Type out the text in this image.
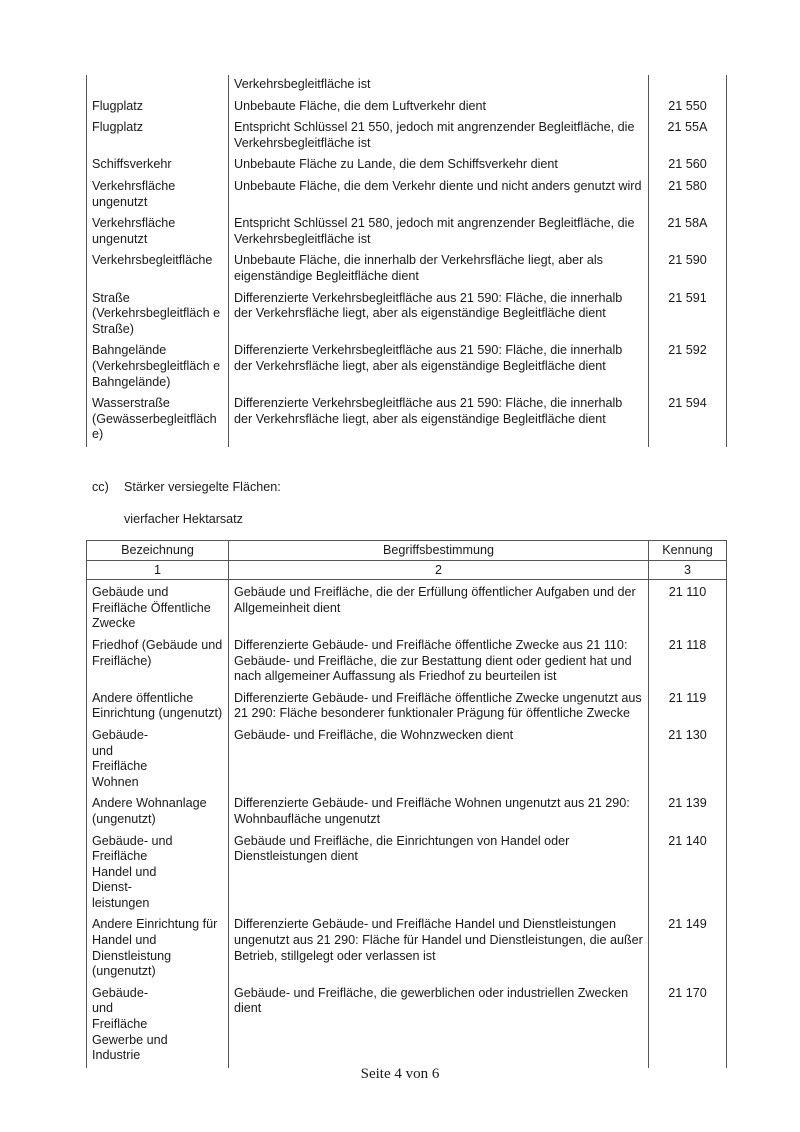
	Verkehrsbegleitfläche ist	
Flugplatz	Unbebaute Fläche, die dem Luftverkehr dient	21 550
Flugplatz	Entspricht Schlüssel 21 550, jedoch mit angrenzender Begleitfläche, die Verkehrsbegleitfläche ist	21 55A
Schiffsverkehr	Unbebaute Fläche zu Lande, die dem Schiffsverkehr dient	21 560
Verkehrsfläche ungenutzt	Unbebaute Fläche, die dem Verkehr diente und nicht anders genutzt wird	21 580
Verkehrsfläche ungenutzt	Entspricht Schlüssel 21 580, jedoch mit angrenzender Begleitfläche, die Verkehrsbegleitfläche ist	21 58A
Verkehrsbegleitfläche	Unbebaute Fläche, die innerhalb der Verkehrsfläche liegt, aber als eigenständige Begleitfläche dient	21 590
Straße (Verkehrsbegleitfläch e Straße)	Differenzierte Verkehrsbegleitfläche aus 21 590: Fläche, die innerhalb der Verkehrsfläche liegt, aber als eigenständige Begleitfläche dient	21 591
Bahngelände (Verkehrsbegleitfläch e Bahngelände)	Differenzierte Verkehrsbegleitfläche aus 21 590: Fläche, die innerhalb der Verkehrsfläche liegt, aber als eigenständige Begleitfläche dient	21 592
Wasserstraße (Gewässerbegleitfläch e)	Differenzierte Verkehrsbegleitfläche aus 21 590: Fläche, die innerhalb der Verkehrsfläche liegt, aber als eigenständige Begleitfläche dient	21 594
cc) Stärker versiegelte Flächen:
vierfacher Hektarsatz
Bezeichnung	Begriffsbestimmung	Kennung
1	2	3
Gebäude und Freifläche Öffentliche Zwecke	Gebäude und Freifläche, die der Erfüllung öffentlicher Aufgaben und der Allgemeinheit dient	21 110
Friedhof (Gebäude und Freifläche)	Differenzierte Gebäude- und Freifläche öffentliche Zwecke aus 21 110: Gebäude- und Freifläche, die zur Bestattung dient oder gedient hat und nach allgemeiner Auffassung als Friedhof zu beurteilen ist	21 118
Andere öffentliche Einrichtung (ungenutzt)	Differenzierte Gebäude- und Freifläche öffentliche Zwecke ungenutzt aus 21 290: Fläche besonderer funktionaler Prägung für öffentliche Zwecke	21 119
Gebäude- und Freifläche Wohnen	Gebäude- und Freifläche, die Wohnzwecken dient	21 130
Andere Wohnanlage (ungenutzt)	Differenzierte Gebäude- und Freifläche Wohnen ungenutzt aus 21 290: Wohnbaufläche ungenutzt	21 139
Gebäude- und Freifläche Handel und Dienst-leistungen	Gebäude und Freifläche, die Einrichtungen von Handel oder Dienstleistungen dient	21 140
Andere Einrichtung für Handel und Dienstleistung (ungenutzt)	Differenzierte Gebäude- und Freifläche Handel und Dienstleistungen ungenutzt aus 21 290: Fläche für Handel und Dienstleistungen, die außer Betrieb, stillgelegt oder verlassen ist	21 149
Gebäude- und Freifläche Gewerbe und Industrie	Gebäude- und Freifläche, die gewerblichen oder industriellen Zwecken dient	21 170
Seite 4 von 6
